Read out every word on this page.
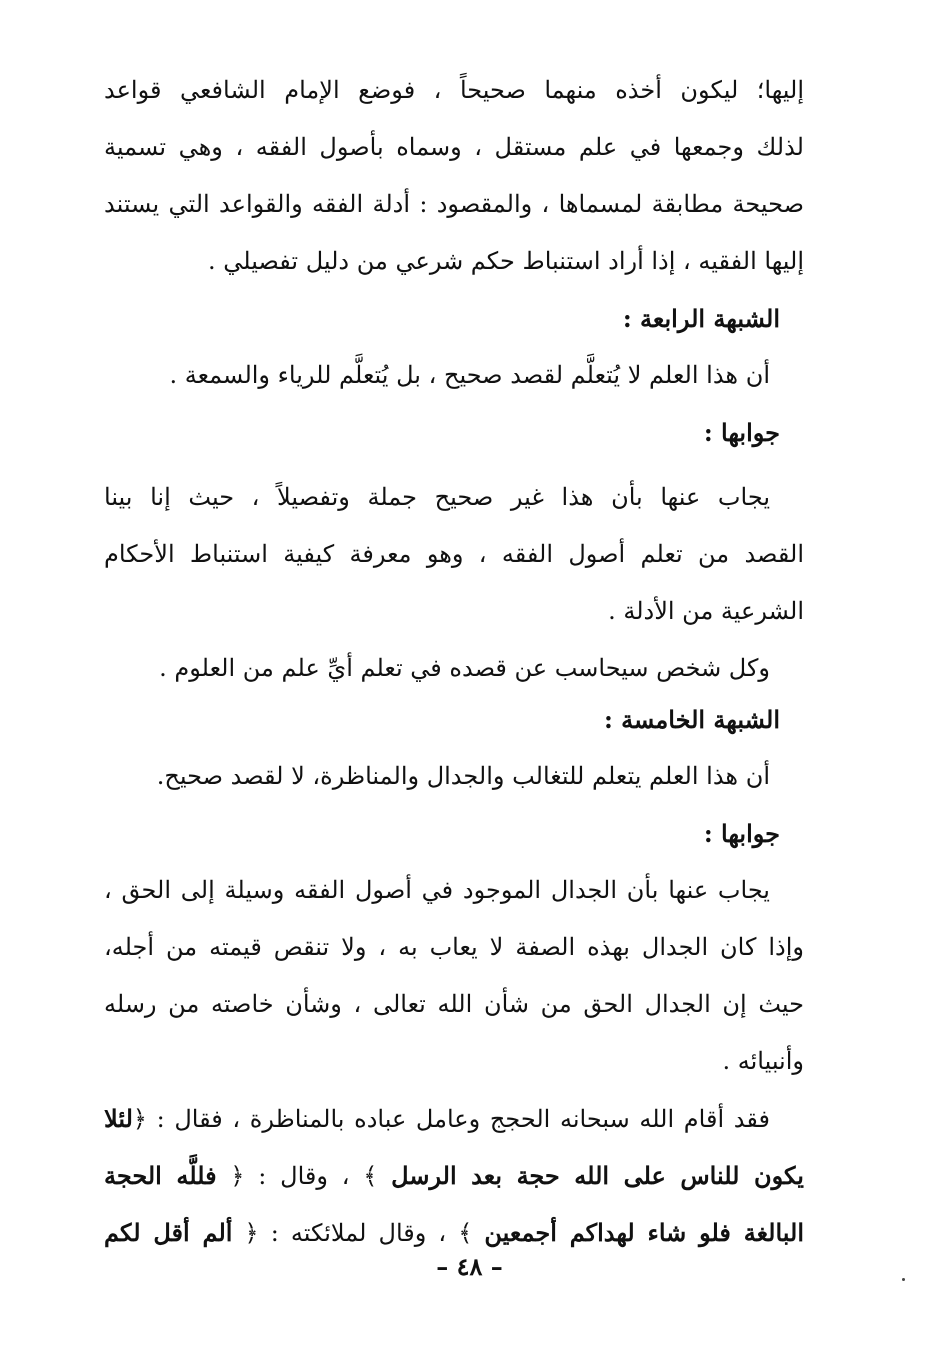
إليها؛ ليكون أخذه منهما صحيحاً ، فوضع الإمام الشافعي قواعد
لذلك وجمعها في علم مستقل ، وسماه بأصول الفقه ، وهي تسمية
صحيحة مطابقة لمسماها ، والمقصود : أدلة الفقه والقواعد التي يستند
إليها الفقيه ، إذا أراد استنباط حكم شرعي من دليل تفصيلي .
الشبهة الرابعة :
أن هذا العلم لا يُتعلَّم لقصد صحيح ، بل يُتعلَّم للرياء والسمعة .
جوابها :
يجاب عنها بأن هذا غير صحيح جملة وتفصيلاً ، حيث إنا بينا
القصد من تعلم أصول الفقه ، وهو معرفة كيفية استنباط الأحكام
الشرعية من الأدلة .
وكل شخص سيحاسب عن قصده في تعلم أيِّ علم من العلوم .
الشبهة الخامسة :
أن هذا العلم يتعلم للتغالب والجدال والمناظرة، لا لقصد صحيح.
جوابها :
يجاب عنها بأن الجدال الموجود في أصول الفقه وسيلة إلى الحق ،
وإذا كان الجدال بهذه الصفة لا يعاب به ، ولا تنقص قيمته من أجله،
حيث إن الجدال الحق من شأن الله تعالى ، وشأن خاصته من رسله
وأنبيائه .
فقد أقام الله سبحانه الحجج وعامل عباده بالمناظرة ، فقال : ﴿لئلا
يكون للناس على الله حجة بعد الرسل ﴾ ، وقال : ﴿ فللَّه الحجة
البالغة فلو شاء لهداكم أجمعين ﴾ ، وقال لملائكته : ﴿ ألم أقل لكم
– ٤٨ –
